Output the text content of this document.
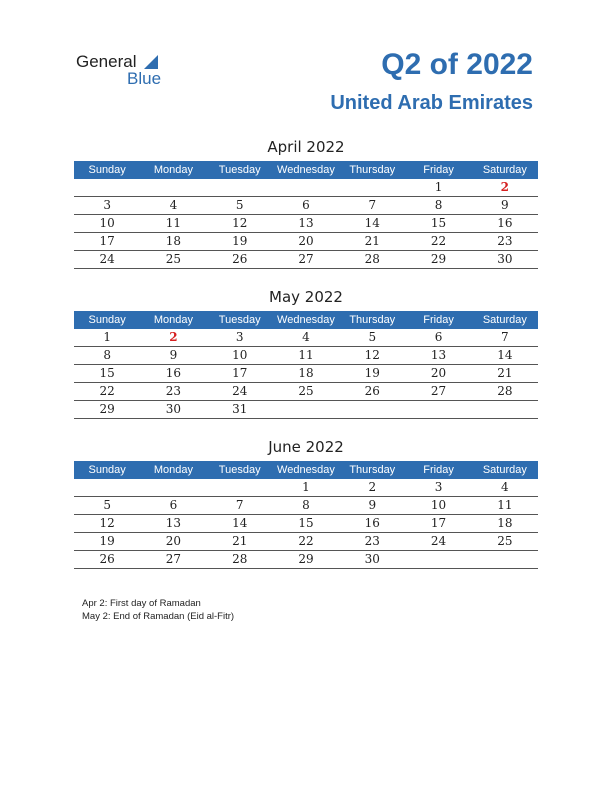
General
Blue	Q2 of 2022
United Arab Emirates
April 2022
Sunday	Monday	Tuesday	Wednesday	Thursday	Friday	Saturday
					1	2
3	4	5	6	7	8	9
10	11	12	13	14	15	16
17	18	19	20	21	22	23
24	25	26	27	28	29	30
May 2022
Sunday	Monday	Tuesday	Wednesday	Thursday	Friday	Saturday
1	2	3	4	5	6	7
8	9	10	11	12	13	14
15	16	17	18	19	20	21
22	23	24	25	26	27	28
29	30	31				
June 2022
Sunday	Monday	Tuesday	Wednesday	Thursday	Friday	Saturday
			1	2	3	4
5	6	7	8	9	10	11
12	13	14	15	16	17	18
19	20	21	22	23	24	25
26	27	28	29	30		
Apr 2: First day of Ramadan
May 2: End of Ramadan (Eid al-Fitr)
